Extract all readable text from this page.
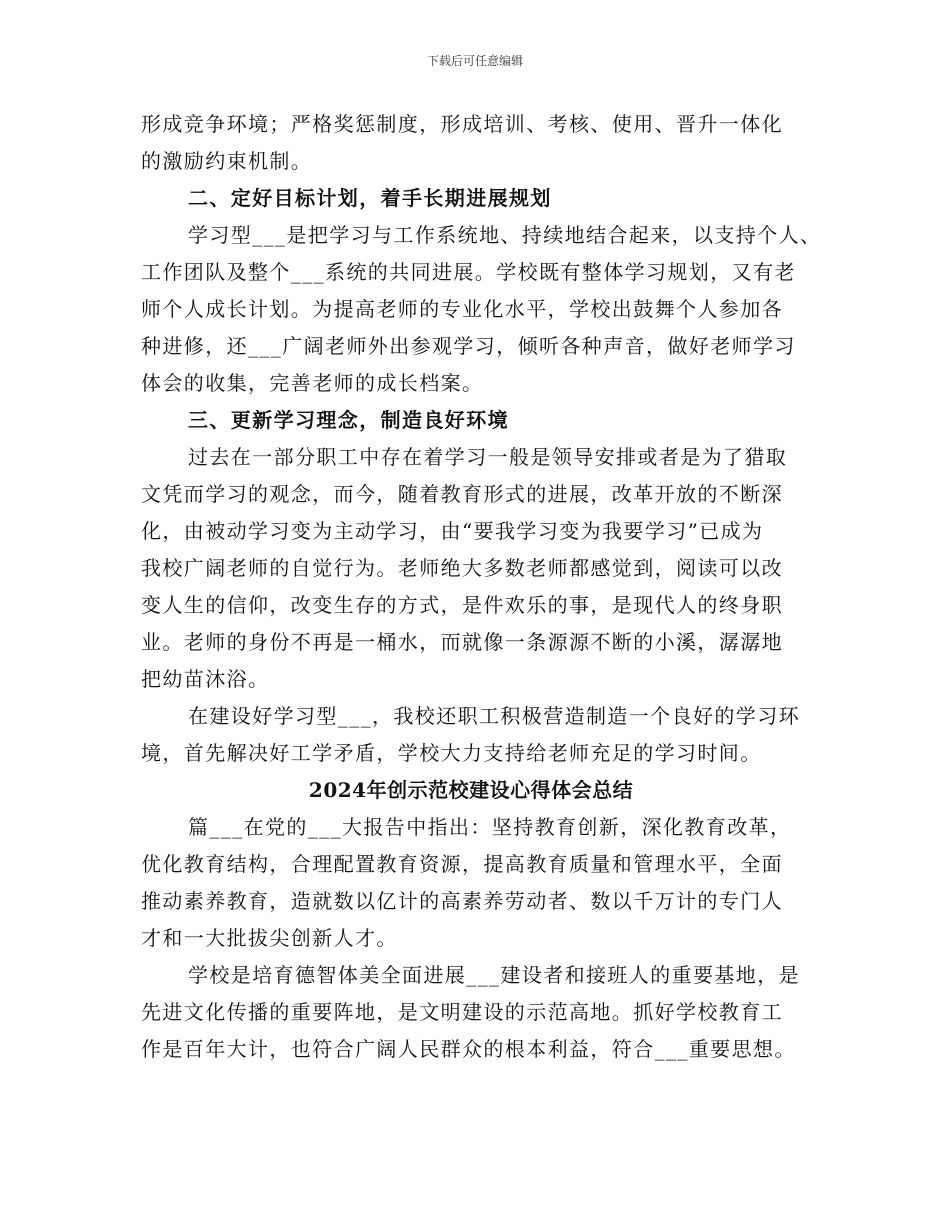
下载后可任意编辑

形成竞争环境；严格奖惩制度，形成培训、考核、使用、晋升一体化
的激励约束机制。

二、定好目标计划，着手长期进展规划

学习型___是把学习与工作系统地、持续地结合起来，以支持个人、
工作团队及整个___系统的共同进展。学校既有整体学习规划，又有老
师个人成长计划。为提高老师的专业化水平，学校出鼓舞个人参加各
种进修，还___广阔老师外出参观学习，倾听各种声音，做好老师学习
体会的收集，完善老师的成长档案。

三、更新学习理念，制造良好环境

过去在一部分职工中存在着学习一般是领导安排或者是为了猎取
文凭而学习的观念，而今，随着教育形式的进展，改革开放的不断深
化，由被动学习变为主动学习，由“要我学习变为我要学习”已成为
我校广阔老师的自觉行为。老师绝大多数老师都感觉到，阅读可以改
变人生的信仰，改变生存的方式，是件欢乐的事，是现代人的终身职
业。老师的身份不再是一桶水，而就像一条源源不断的小溪，潺潺地
把幼苗沐浴。

在建设好学习型___，我校还职工积极营造制造一个良好的学习环
境，首先解决好工学矛盾，学校大力支持给老师充足的学习时间。

2024年创示范校建设心得体会总结

篇___在党的___大报告中指出：坚持教育创新，深化教育改革，
优化教育结构，合理配置教育资源，提高教育质量和管理水平，全面
推动素养教育，造就数以亿计的高素养劳动者、数以千万计的专门人
才和一大批拔尖创新人才。

学校是培育德智体美全面进展___建设者和接班人的重要基地，是
先进文化传播的重要阵地，是文明建设的示范高地。抓好学校教育工
作是百年大计，也符合广阔人民群众的根本利益，符合___重要思想。
